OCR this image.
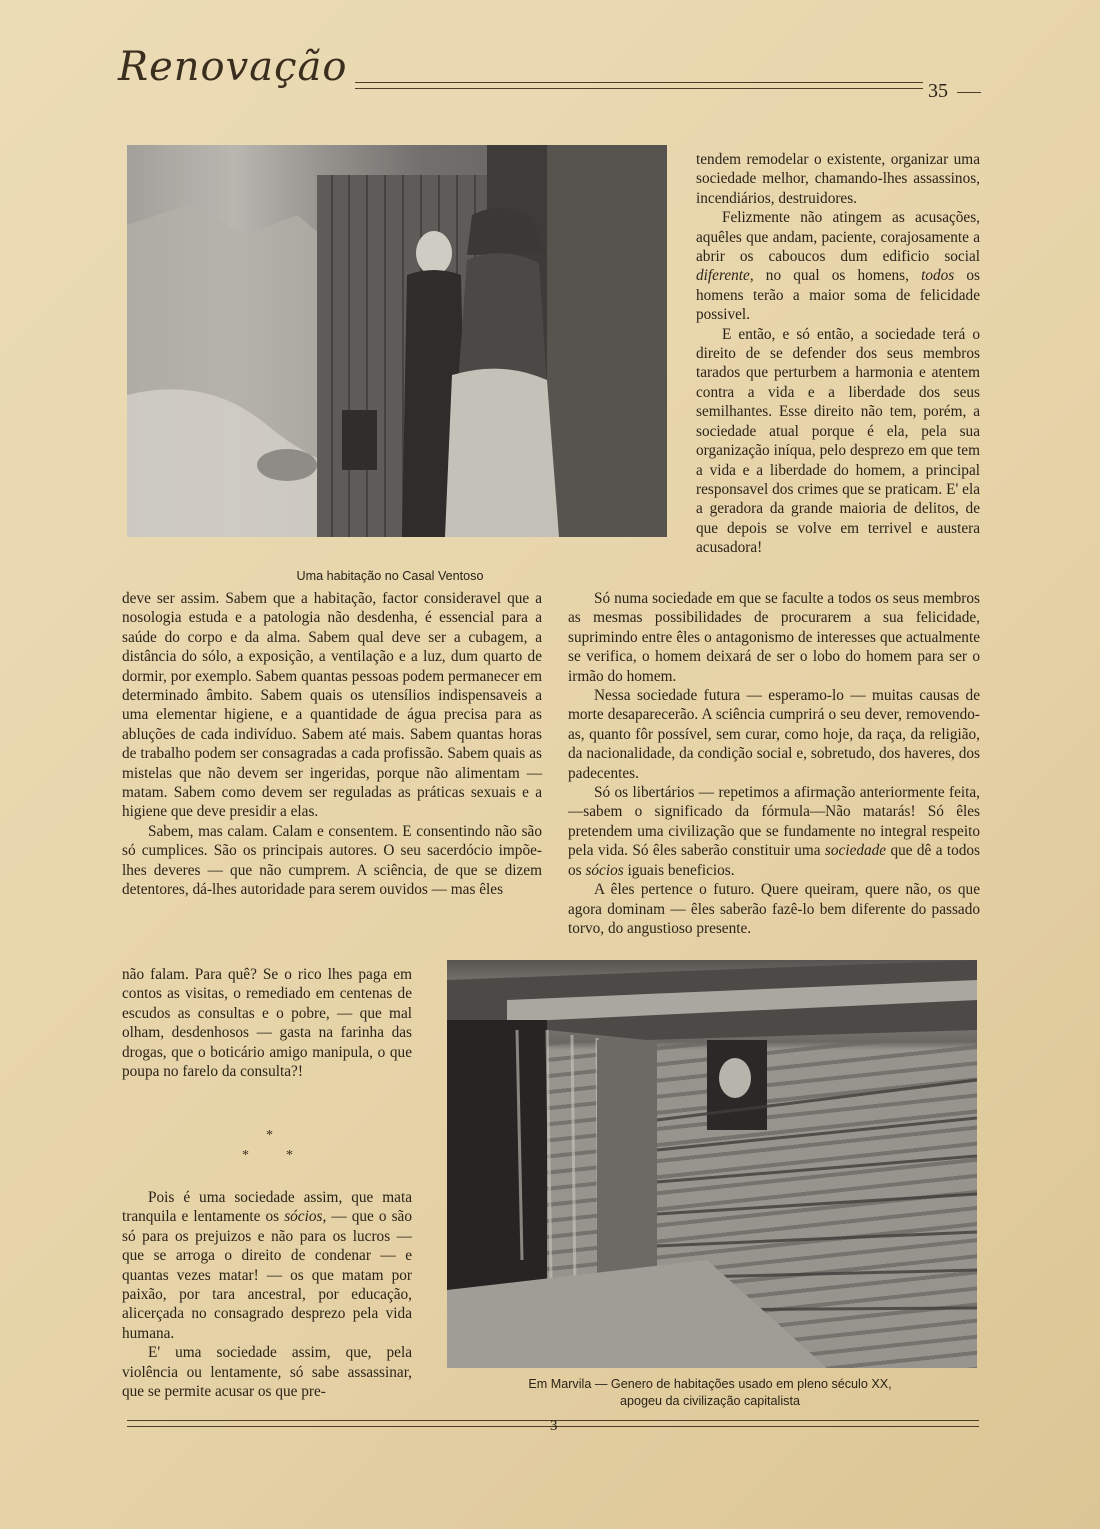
Renovação
35
Uma habitação no Casal Ventoso

tendem remodelar o existente, organizar uma sociedade melhor, chamando-lhes assassinos, incendiários, destruidores.

Felizmente não atingem as acusações, aquêles que andam, paciente, corajosamente a abrir os caboucos dum edificio social diferente, no qual os homens, todos os homens terão a maior soma de felicidade possivel.

E então, e só então, a sociedade terá o direito de se defender dos seus membros tarados que perturbem a harmonia e atentem contra a vida e a liberdade dos seus semilhantes. Esse direito não tem, porém, a sociedade atual porque é ela, pela sua organização iníqua, pelo desprezo em que tem a vida e a liberdade do homem, a principal responsavel dos crimes que se praticam. E' ela a geradora da grande maioria de delitos, de que depois se volve em terrivel e austera acusadora!

Só numa sociedade em que se faculte a todos os seus membros as mesmas possibilidades de procurarem a sua felicidade, suprimindo entre êles o antagonismo de interesses que actualmente se verifica, o homem deixará de ser o lobo do homem para ser o irmão do homem.

Nessa sociedade futura — esperamo-lo — muitas causas de morte desaparecerão. A sciência cumprirá o seu dever, removendo-as, quanto fôr possível, sem curar, como hoje, da raça, da religião, da nacionalidade, da condição social e, sobretudo, dos haveres, dos padecentes.

Só os libertários — repetimos a afirmação anteriormente feita,—sabem o significado da fórmula—Não matarás! Só êles pretendem uma civilização que se fundamente no integral respeito pela vida. Só êles saberão constituir uma sociedade que dê a todos os sócios iguais beneficios.

A êles pertence o futuro. Quere queiram, quere não, os que agora dominam — êles saberão fazê-lo bem diferente do passado torvo, do angustioso presente.

deve ser assim. Sabem que a habitação, factor consideravel que a nosologia estuda e a patologia não desdenha, é essencial para a saúde do corpo e da alma. Sabem qual deve ser a cubagem, a distância do sólo, a exposição, a ventilação e a luz, dum quarto de dormir, por exemplo. Sabem quantas pessoas podem permanecer em determinado âmbito. Sabem quais os utensílios indispensaveis a uma elementar higiene, e a quantidade de água precisa para as abluções de cada indivíduo. Sabem até mais. Sabem quantas horas de trabalho podem ser consagradas a cada profissão. Sabem quais as mistelas que não devem ser ingeridas, porque não alimentam — matam. Sabem como devem ser reguladas as práticas sexuais e a higiene que deve presidir a elas.

Sabem, mas calam. Calam e consentem. E consentindo não são só cumplices. São os principais autores. O seu sacerdócio impõe-lhes deveres — que não cumprem. A sciência, de que se dizem detentores, dá-lhes autoridade para serem ouvidos — mas êles

não falam. Para quê? Se o rico lhes paga em contos as visitas, o remediado em centenas de escudos as consultas e o pobre, — que mal olham, desdenhosos — gasta na farinha das drogas, que o boticário amigo manipula, o que poupa no farelo da consulta?!

*
*	*

Pois é uma sociedade assim, que mata tranquila e lentamente os sócios, — que o são só para os prejuizos e não para os lucros — que se arroga o direito de condenar — e quantas vezes matar! — os que matam por paixão, por tara ancestral, por educação, alicerçada no consagrado desprezo pela vida humana.

E' uma sociedade assim, que, pela violência ou lentamente, só sabe assassinar, que se permite acusar os que pre-	Em Marvila — Genero de habitações usado em pleno século XX,
apogeu da civilização capitalista
3
